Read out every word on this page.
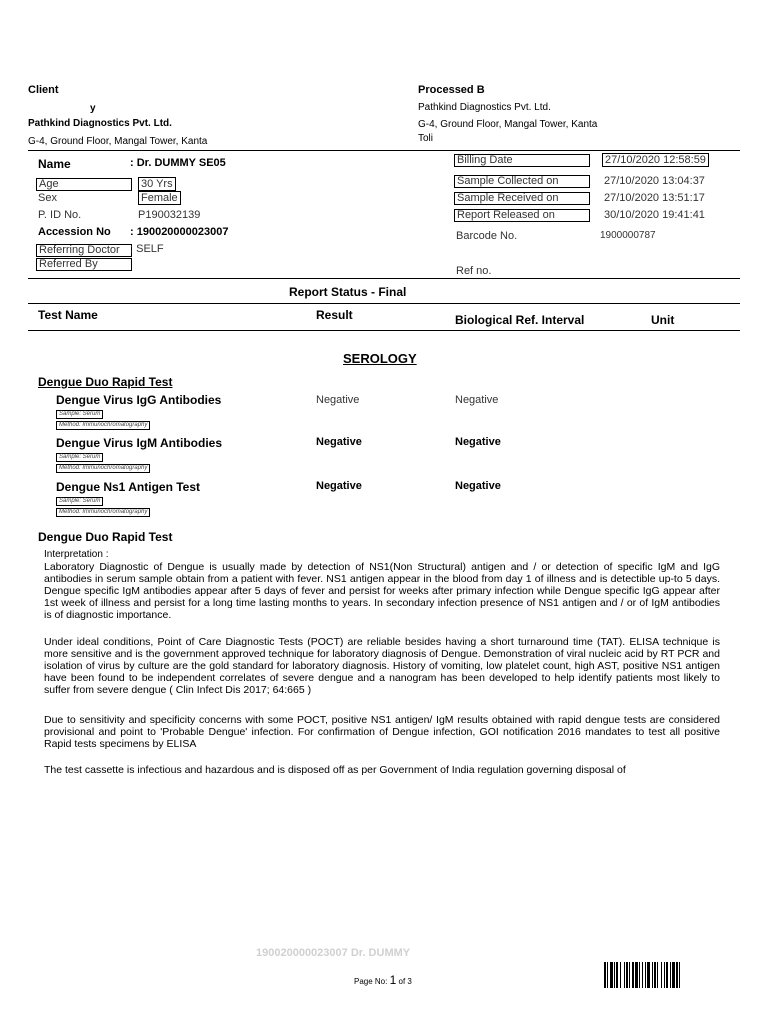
Client
y
Pathkind Diagnostics Pvt. Ltd.
G-4, Ground Floor, Mangal Tower, Kanta
Processed B
Pathkind Diagnostics Pvt. Ltd.
G-4, Ground Floor, Mangal Tower, Kanta
Toli
Name	: Dr. DUMMY SE05
Age	30 Yrs
Sex	Female
P. ID No.	P190032139
Accession No : 190020000023007
Referring Doctor : SELF
Referred By
Billing Date	27/10/2020 12:58:59
Sample Collected on	27/10/2020 13:04:37
Sample Received on	27/10/2020 13:51:17
Report Released on	30/10/2020 19:41:41
Barcode No.	1900000787
Ref no.
Report Status - Final
Test Name	Result	Biological Ref. Interval	Unit
SEROLOGY
Dengue Duo Rapid Test
Dengue Virus IgG Antibodies
Sample: Serum
Method: Immunochromatography
Negative	Negative
Dengue Virus IgM Antibodies
Sample: Serum
Method: Immunochromatography
Negative	Negative
Dengue Ns1 Antigen Test
Sample: Serum
Method: Immunochromatography
Negative	Negative
Dengue Duo Rapid Test
Interpretation :
Laboratory Diagnostic of Dengue is usually made by detection of NS1(Non Structural) antigen and / or detection of specific IgM and IgG antibodies in serum sample obtain from a patient with fever. NS1 antigen appear in the blood from day 1 of illness and is detectible up-to 5 days. Dengue specific IgM antibodies appear after 5 days of fever and persist for weeks after primary infection while Dengue specific IgG appear after 1st week of illness and persist for a long time lasting months to years. In secondary infection presence of NS1 antigen and / or of IgM antibodies is of diagnostic importance.
Under ideal conditions, Point of Care Diagnostic Tests (POCT) are reliable besides having a short turnaround time (TAT). ELISA technique is more sensitive and is the government approved technique for laboratory diagnosis of Dengue. Demonstration of viral nucleic acid by RT PCR and isolation of virus by culture are the gold standard for laboratory diagnosis. History of vomiting, low platelet count, high AST, positive NS1 antigen have been found to be independent correlates of severe dengue and a nanogram has been developed to help identify patients most likely to suffer from severe dengue ( Clin Infect Dis 2017; 64:665 )
Due to sensitivity and specificity concerns with some POCT, positive NS1 antigen/ IgM results obtained with rapid dengue tests are considered provisional and point to 'Probable Dengue' infection. For confirmation of Dengue infection, GOI notification 2016 mandates to test all positive Rapid tests specimens by ELISA
The test cassette is infectious and hazardous and is disposed off as per Government of India regulation governing disposal of
190020000023007 Dr. DUMMY
Page No: 1 of 3
